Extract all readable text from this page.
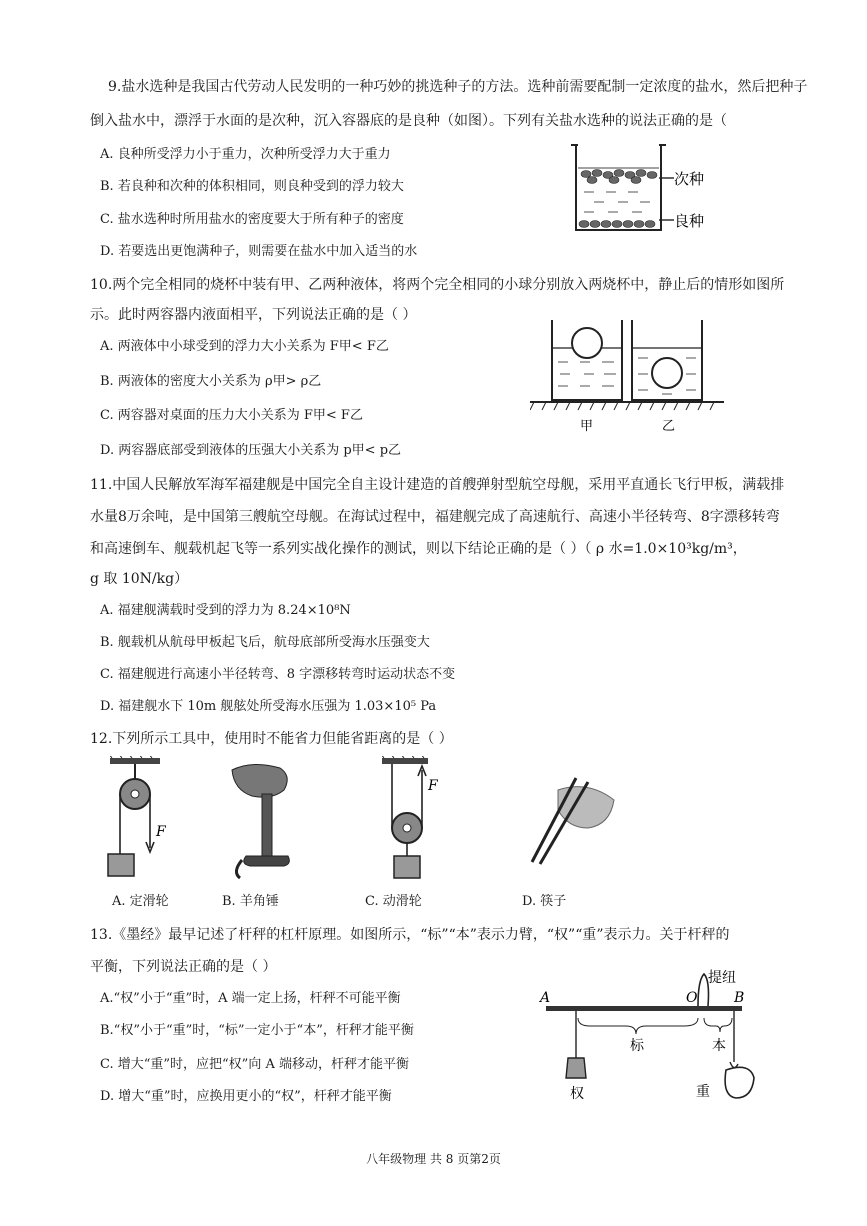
9.盐水选种是我国古代劳动人民发明的一种巧妙的挑选种子的方法。选种前需要配制一定浓度的盐水，然后把种子
倒入盐水中，漂浮于水面的是次种，沉入容器底的是良种（如图）。下列有关盐水选种的说法正确的是（
A. 良种所受浮力小于重力，次种所受浮力大于重力
B. 若良种和次种的体积相同，则良种受到的浮力较大
C. 盐水选种时所用盐水的密度要大于所有种子的密度
D. 若要选出更饱满种子，则需要在盐水中加入适当的水
次种
良种
10.两个完全相同的烧杯中装有甲、乙两种液体，将两个完全相同的小球分别放入两烧杯中，静止后的情形如图所
示。此时两容器内液面相平，下列说法正确的是（ ）
A. 两液体中小球受到的浮力大小关系为 F甲< F乙
B. 两液体的密度大小关系为 ρ甲> ρ乙
C. 两容器对桌面的压力大小关系为 F甲< F乙
D. 两容器底部受到液体的压强大小关系为 p甲< p乙
甲	乙
11.中国人民解放军海军福建舰是中国完全自主设计建造的首艘弹射型航空母舰，采用平直通长飞行甲板，满载排
水量8万余吨，是中国第三艘航空母舰。在海试过程中，福建舰完成了高速航行、高速小半径转弯、8字漂移转弯
和高速倒车、舰载机起飞等一系列实战化操作的测试，则以下结论正确的是（ ）（ ρ 水=1.0×10³kg/m³，
g 取 10N/kg）
A. 福建舰满载时受到的浮力为 8.24×10⁸N
B. 舰载机从航母甲板起飞后，航母底部所受海水压强变大
C. 福建舰进行高速小半径转弯、8 字漂移转弯时运动状态不变
D. 福建舰水下 10m 舰舷处所受海水压强为 1.03×10⁵ Pa
12.下列所示工具中，使用时不能省力但能省距离的是（ ）
F
A. 定滑轮	B. 羊角锤
F
C. 动滑轮	D. 筷子
13.《墨经》最早记述了杆秤的杠杆原理。如图所示，“标”“本”表示力臂，“权”“重”表示力。关于杆秤的
平衡，下列说法正确的是（ ）
A.“权”小于“重”时，A 端一定上扬，杆秤不可能平衡
B.“权”小于“重”时，“标”一定小于“本”，杆秤才能平衡
C. 增大“重”时，应把“权”向 A 端移动，杆秤才能平衡
D. 增大“重”时，应换用更小的“权”，杆秤才能平衡
提纽
A	O	B
权
标	本
重
八年级物理 共 8 页第2页
